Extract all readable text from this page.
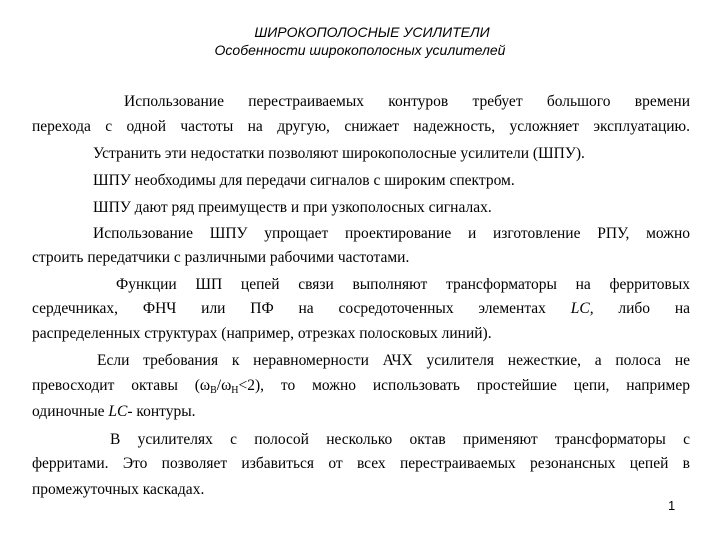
ШИРОКОПОЛОСНЫЕ УСИЛИТЕЛИ
Особенности широкополосных усилителей
Использование перестраиваемых контуров требует большого времени
перехода с одной частоты на другую, снижает надежность, усложняет эксплуатацию.
Устранить эти недостатки позволяют широкополосные усилители (ШПУ).
ШПУ необходимы для передачи сигналов с широким спектром.
ШПУ дают ряд преимуществ и при узкополосных сигналах.
Использование ШПУ упрощает проектирование и изготовление РПУ, можно
строить передатчики с различными рабочими частотами.
Функции ШП цепей связи выполняют трансформаторы на ферритовых
сердечниках, ФНЧ или ПФ на сосредоточенных элементах LC, либо на
распределенных структурах (например, отрезках полосковых линий).
Если требования к неравномерности АЧХ усилителя нежесткие, а полоса не
превосходит октавы (ωВ/ωН<2), то можно использовать простейшие цепи, например
одиночные LC- контуры.
В усилителях с полосой несколько октав применяют трансформаторы с
ферритами. Это позволяет избавиться от всех перестраиваемых резонансных цепей в
промежуточных каскадах.
1
